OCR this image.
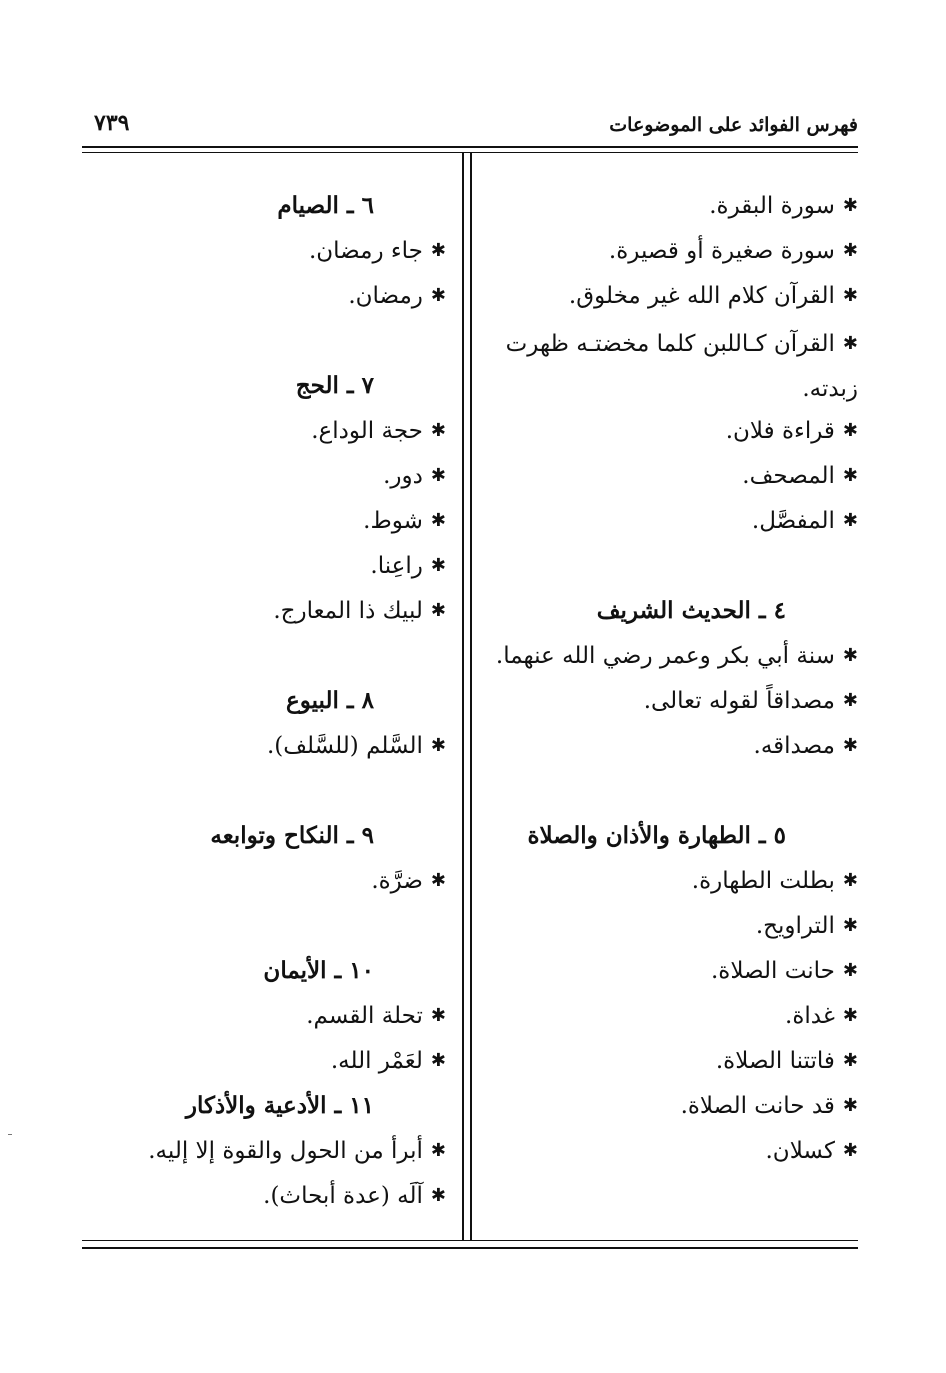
فهرس الفوائد على الموضوعات
٧٣٩
✱سورة البقرة.
✱سورة صغيرة أو قصيرة.
✱القرآن كلام الله غير مخلوق.
✱القرآن كـاللبن كلما مخضتـه ظهرت زبدته.
✱قراءة فلان.
✱المصحف.
✱المفصَّل.
٤ ـ الحديث الشريف
✱سنة أبي بكر وعمر رضي الله عنهما.
✱مصداقاً لقوله تعالى.
✱مصداقه.
٥ ـ الطهارة والأذان والصلاة
✱بطلت الطهارة.
✱التراويح.
✱حانت الصلاة.
✱غداة.
✱فاتتنا الصلاة.
✱قد حانت الصلاة.
✱كسلان.
٦ ـ الصيام
✱جاء رمضان.
✱رمضان.
٧ ـ الحج
✱حجة الوداع.
✱دور.
✱شوط.
✱راعِنا.
✱لبيك ذا المعارج.
٨ ـ البيوع
✱السَّلم (للسَّلف).
٩ ـ النكاح وتوابعه
✱ضرَّة.
١٠ ـ الأيمان
✱تحلة القسم.
✱لعَمْر الله.
١١ ـ الأدعية والأذكار
✱أبرأ من الحول والقوة إلا إليه.
✱آلَه (عدة أبحاث).
